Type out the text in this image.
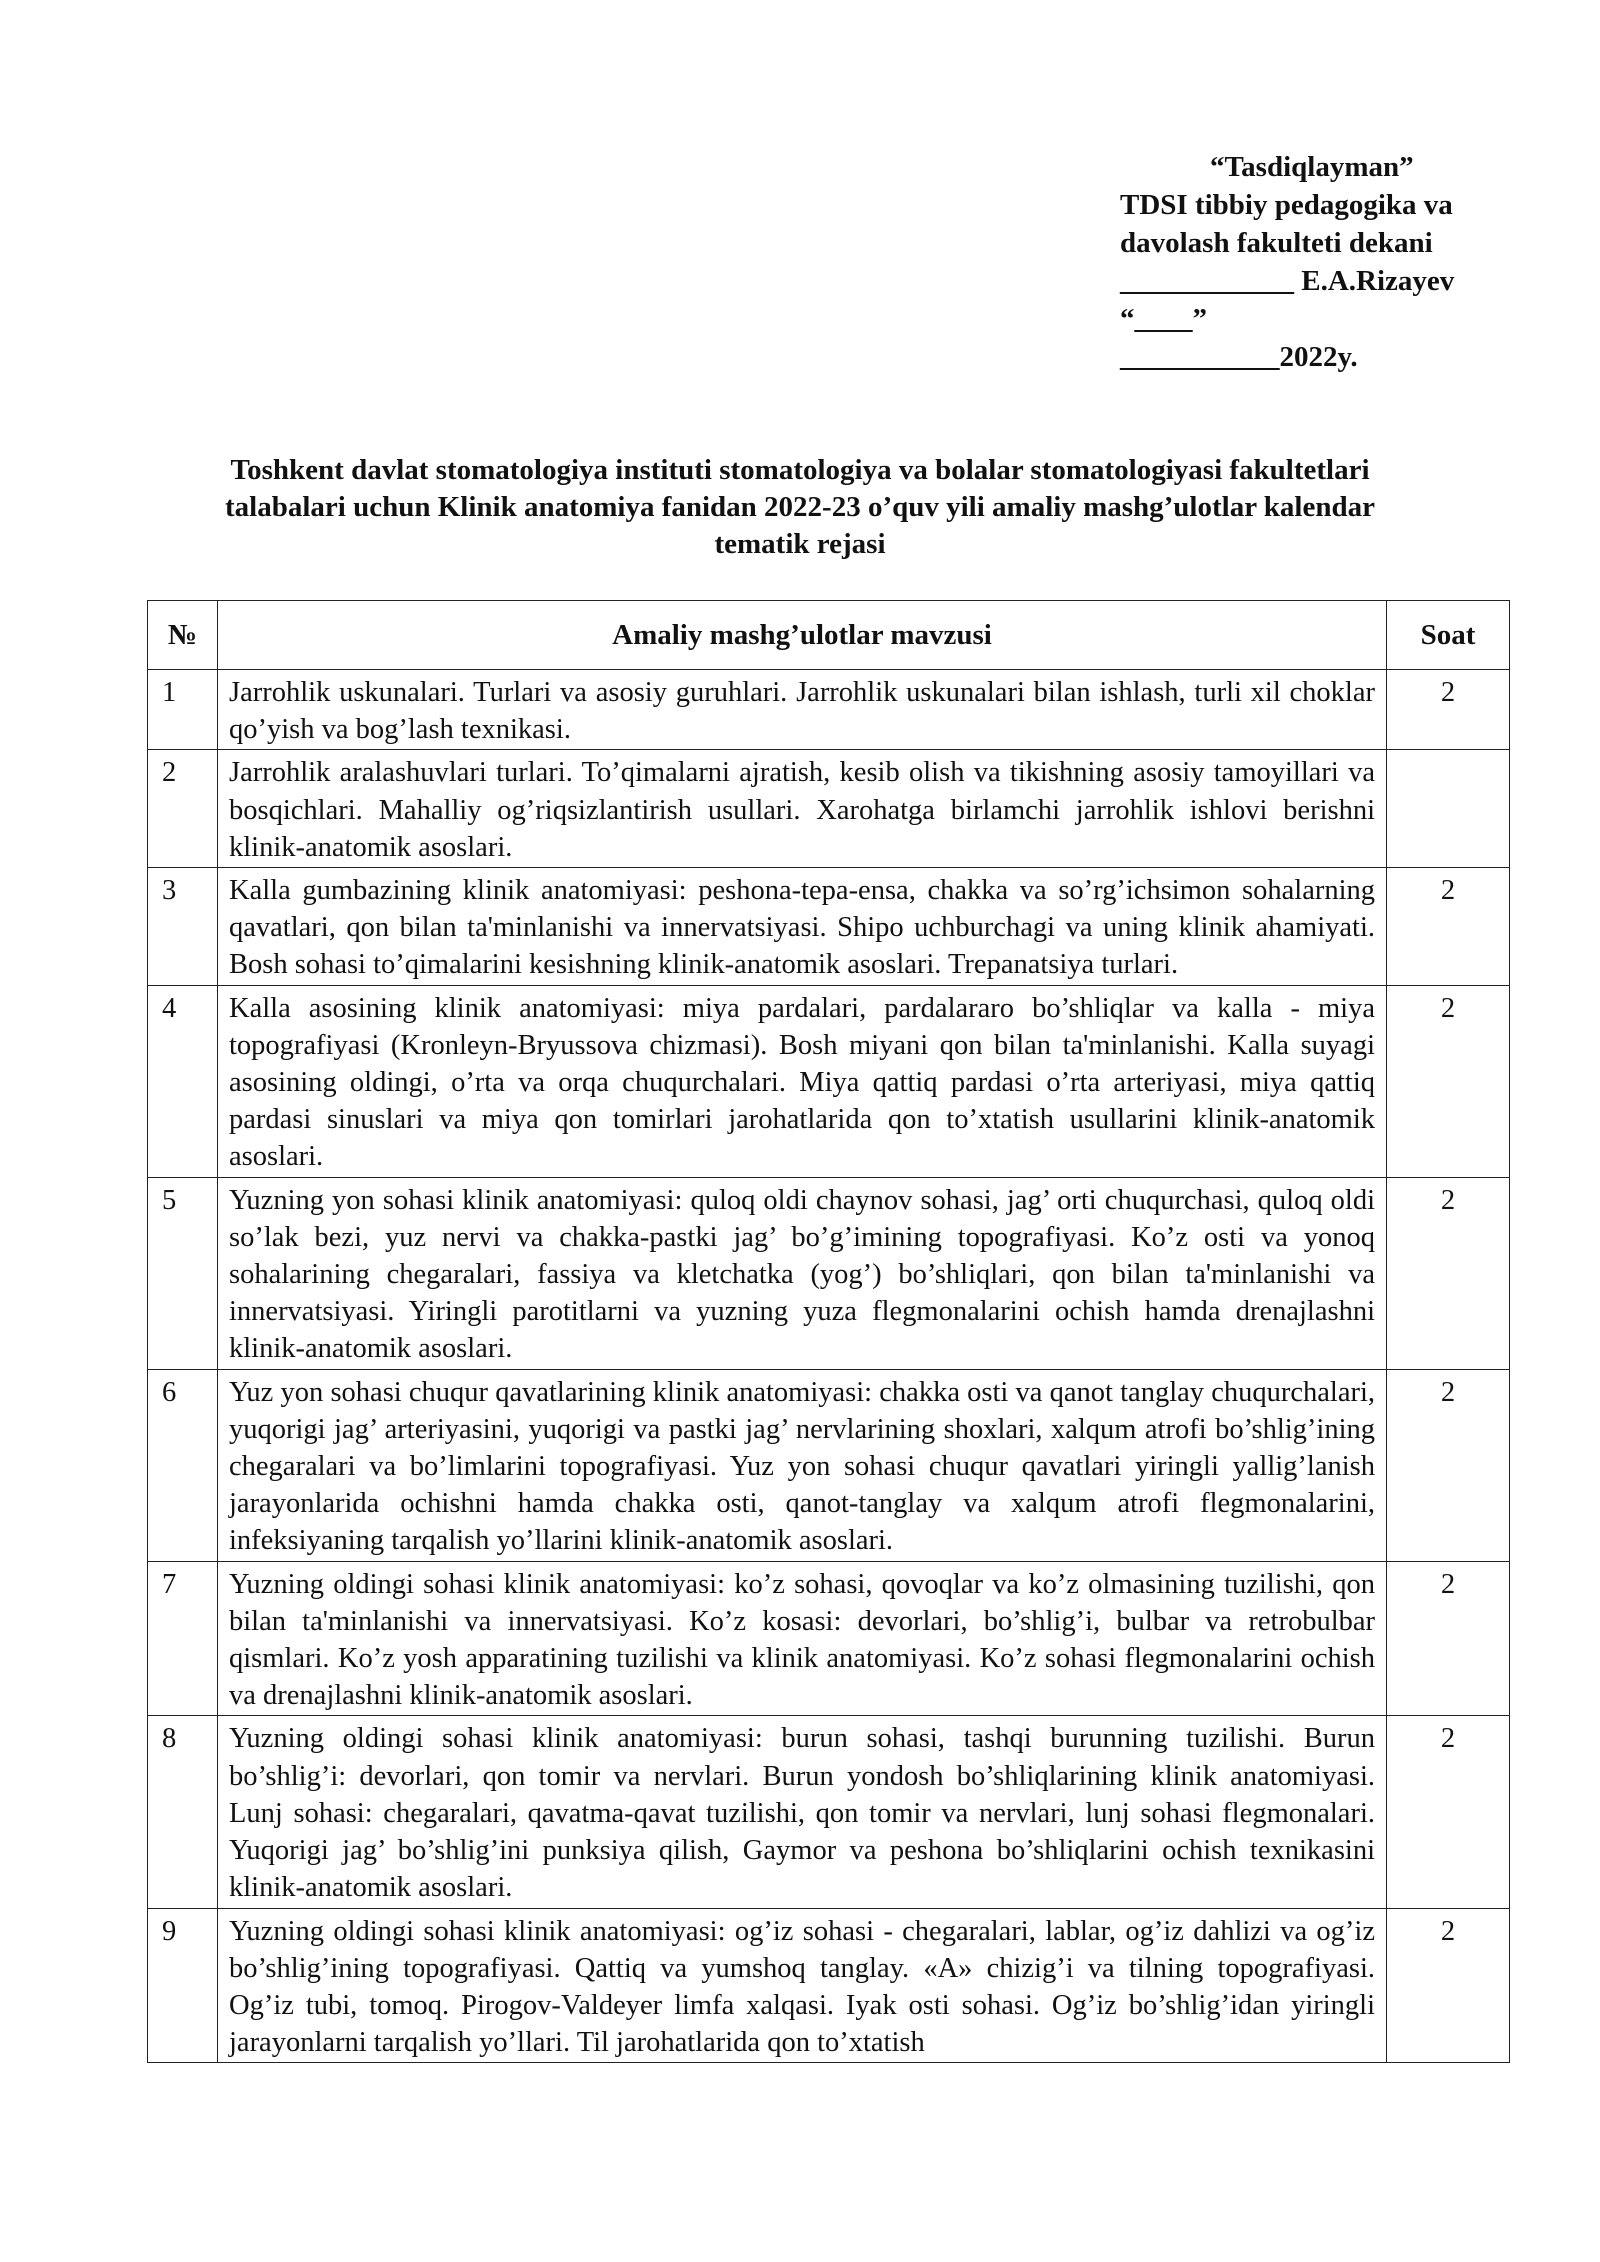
“Tasdiqlayman”
TDSI tibbiy pedagogika va
davolash fakulteti dekani
____________ E.A.Rizayev
“____”
___________2022y.
Toshkent davlat stomatologiya instituti stomatologiya va bolalar stomatologiyasi fakultetlari talabalari uchun Klinik anatomiya fanidan 2022-23 o’quv yili amaliy mashg’ulotlar kalendar tematik rejasi
№	Amaliy mashg’ulotlar mavzusi	Soat
1	Jarrohlik uskunalari. Turlari va asosiy guruhlari. Jarrohlik uskunalari bilan ishlash, turli xil choklar qo’yish va bog’lash texnikasi.	2
2	Jarrohlik aralashuvlari turlari. To’qimalarni ajratish, kesib olish va tikishning asosiy tamoyillari va bosqichlari. Mahalliy og’riqsizlantirish usullari. Xarohatga birlamchi jarrohlik ishlovi berishni klinik-anatomik asoslari.	
3	Kalla gumbazining klinik anatomiyasi: peshona-tepa-ensa, chakka va so’rg’ichsimon sohalarning qavatlari, qon bilan ta'minlanishi va innervatsiyasi. Shipo uchburchagi va uning klinik ahamiyati. Bosh sohasi to’qimalarini kesishning klinik-anatomik asoslari. Trepanatsiya turlari.	2
4	Kalla asosining klinik anatomiyasi: miya pardalari, pardalararo bo’shliqlar va kalla - miya topografiyasi (Kronleyn-Bryussova chizmasi). Bosh miyani qon bilan ta'minlanishi. Kalla suyagi asosining oldingi, o’rta va orqa chuqurchalari. Miya qattiq pardasi o’rta arteriyasi, miya qattiq pardasi sinuslari va miya qon tomirlari jarohatlarida qon to’xtatish usullarini klinik-anatomik asoslari.	2
5	Yuzning yon sohasi klinik anatomiyasi: quloq oldi chaynov sohasi, jag’ orti chuqurchasi, quloq oldi so’lak bezi, yuz nervi va chakka-pastki jag’ bo’g’imining topografiyasi. Ko’z osti va yonoq sohalarining chegaralari, fassiya va kletchatka (yog’) bo’shliqlari, qon bilan ta'minlanishi va innervatsiyasi. Yiringli parotitlarni va yuzning yuza flegmonalarini ochish hamda drenajlashni klinik-anatomik asoslari.	2
6	Yuz yon sohasi chuqur qavatlarining klinik anatomiyasi: chakka osti va qanot tanglay chuqurchalari, yuqorigi jag’ arteriyasini, yuqorigi va pastki jag’ nervlarining shoxlari, xalqum atrofi bo’shlig’ining chegaralari va bo’limlarini topografiyasi. Yuz yon sohasi chuqur qavatlari yiringli yallig’lanish jarayonlarida ochishni hamda chakka osti, qanot-tanglay va xalqum atrofi flegmonalarini, infeksiyaning tarqalish yo’llarini klinik-anatomik asoslari.	2
7	Yuzning oldingi sohasi klinik anatomiyasi: ko’z sohasi, qovoqlar va ko’z olmasining tuzilishi, qon bilan ta'minlanishi va innervatsiyasi. Ko’z kosasi: devorlari, bo’shlig’i, bulbar va retrobulbar qismlari. Ko’z yosh apparatining tuzilishi va klinik anatomiyasi. Ko’z sohasi flegmonalarini ochish va drenajlashni klinik-anatomik asoslari.	2
8	Yuzning oldingi sohasi klinik anatomiyasi: burun sohasi, tashqi burunning tuzilishi. Burun bo’shlig’i: devorlari, qon tomir va nervlari. Burun yondosh bo’shliqlarining klinik anatomiyasi. Lunj sohasi: chegaralari, qavatma-qavat tuzilishi, qon tomir va nervlari, lunj sohasi flegmonalari. Yuqorigi jag’ bo’shlig’ini punksiya qilish, Gaymor va peshona bo’shliqlarini ochish texnikasini klinik-anatomik asoslari.	2
9	Yuzning oldingi sohasi klinik anatomiyasi: og’iz sohasi - chegaralari, lablar, og’iz dahlizi va og’iz bo’shlig’ining topografiyasi. Qattiq va yumshoq tanglay. «A» chizig’i va tilning topografiyasi. Og’iz tubi, tomoq. Pirogov-Valdeyer limfa xalqasi. Iyak osti sohasi. Og’iz bo’shlig’idan yiringli jarayonlarni tarqalish yo’llari. Til jarohatlarida qon to’xtatish	2
